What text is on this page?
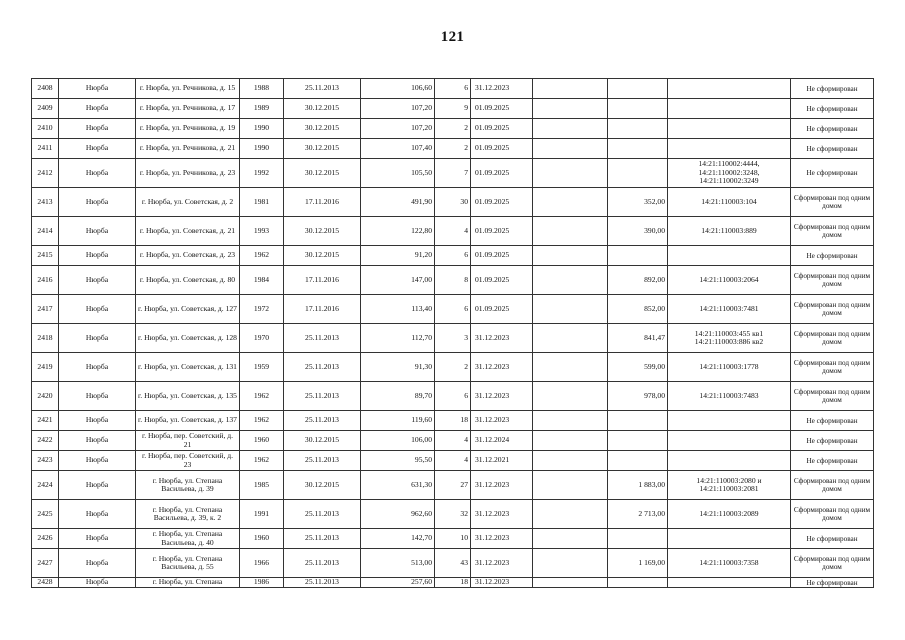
121
2408	Нюрба	г. Нюрба, ул. Речникова, д. 15	1988	25.11.2013	106,60	6	31.12.2023				Не сформирован
2409	Нюрба	г. Нюрба, ул. Речникова, д. 17	1989	30.12.2015	107,20	9	01.09.2025				Не сформирован
2410	Нюрба	г. Нюрба, ул. Речникова, д. 19	1990	30.12.2015	107,20	2	01.09.2025				Не сформирован
2411	Нюрба	г. Нюрба, ул. Речникова, д. 21	1990	30.12.2015	107,40	2	01.09.2025				Не сформирован
2412	Нюрба	г. Нюрба, ул. Речникова, д. 23	1992	30.12.2015	105,50	7	01.09.2025			14:21:110002:4444, 14:21:110002:3248, 14:21:110002:3249	Не сформирован
2413	Нюрба	г. Нюрба, ул. Советская, д. 2	1981	17.11.2016	491,90	30	01.09.2025		352,00	14:21:110003:104	Сформирован под одним домом
2414	Нюрба	г. Нюрба, ул. Советская, д. 21	1993	30.12.2015	122,80	4	01.09.2025		390,00	14:21:110003:889	Сформирован под одним домом
2415	Нюрба	г. Нюрба, ул. Советская, д. 23	1962	30.12.2015	91,20	6	01.09.2025				Не сформирован
2416	Нюрба	г. Нюрба, ул. Советская, д. 80	1984	17.11.2016	147,00	8	01.09.2025		892,00	14:21:110003:2064	Сформирован под одним домом
2417	Нюрба	г. Нюрба, ул. Советская, д. 127	1972	17.11.2016	113,40	6	01.09.2025		852,00	14:21:110003:7481	Сформирован под одним домом
2418	Нюрба	г. Нюрба, ул. Советская, д. 128	1970	25.11.2013	112,70	3	31.12.2023		841,47	14:21:110003:455 кв1 14:21:110003:886 кв2	Сформирован под одним домом
2419	Нюрба	г. Нюрба, ул. Советская, д. 131	1959	25.11.2013	91,30	2	31.12.2023		599,00	14:21:110003:1778	Сформирован под одним домом
2420	Нюрба	г. Нюрба, ул. Советская, д. 135	1962	25.11.2013	89,70	6	31.12.2023		978,00	14:21:110003:7483	Сформирован под одним домом
2421	Нюрба	г. Нюрба, ул. Советская, д. 137	1962	25.11.2013	119,60	18	31.12.2023				Не сформирован
2422	Нюрба	г. Нюрба, пер. Советский, д. 21	1960	30.12.2015	106,00	4	31.12.2024				Не сформирован
2423	Нюрба	г. Нюрба, пер. Советский, д. 23	1962	25.11.2013	95,50	4	31.12.2021				Не сформирован
2424	Нюрба	г. Нюрба, ул. Степана Васильева, д. 39	1985	30.12.2015	631,30	27	31.12.2023		1 883,00	14:21:110003:2080 и 14:21:110003:2081	Сформирован под одним домом
2425	Нюрба	г. Нюрба, ул. Степана Васильева, д. 39, к. 2	1991	25.11.2013	962,60	32	31.12.2023		2 713,00	14:21:110003:2089	Сформирован под одним домом
2426	Нюрба	г. Нюрба, ул. Степана Васильева, д. 40	1960	25.11.2013	142,70	10	31.12.2023				Не сформирован
2427	Нюрба	г. Нюрба, ул. Степана Васильева, д. 55	1966	25.11.2013	513,00	43	31.12.2023		1 169,00	14:21:110003:7358	Сформирован под одним домом
2428	Нюрба	г. Нюрба, ул. Степана	1986	25.11.2013	257,60	18	31.12.2023				Не сформирован
